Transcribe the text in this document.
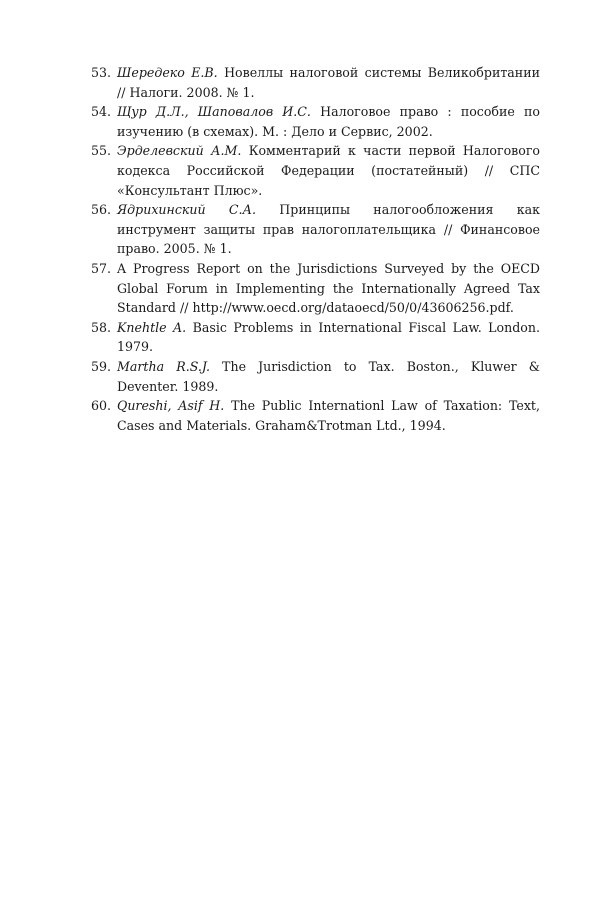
53. Шередеко Е.В. Новеллы налоговой системы Великобритании // Налоги. 2008. № 1.
54. Щур Д.Л., Шаповалов И.С. Налоговое право : пособие по изучению (в схемах). М. : Дело и Сервис, 2002.
55. Эрделевский А.М. Комментарий к части первой Налогового кодекса Российской Федерации (постатейный) // СПС «Консультант Плюс».
56. Ядрихинский С.А. Принципы налогообложения как инструмент защиты прав налогоплательщика // Финансовое право. 2005. № 1.
57. A Progress Report on the Jurisdictions Surveyed by the OECD Global Forum in Implementing the Internationally Agreed Tax Standard // http://www.oecd.org/dataoecd/50/0/43606256.pdf.
58. Knehtle A. Basic Problems in International Fiscal Law. London. 1979.
59. Martha R.S.J. The Jurisdiction to Tax. Boston., Kluwer & Deventer. 1989.
60. Qureshi, Asif H. The Public Internationl Law of Taxation: Text, Cases and Materials. Graham&Trotman Ltd., 1994.
